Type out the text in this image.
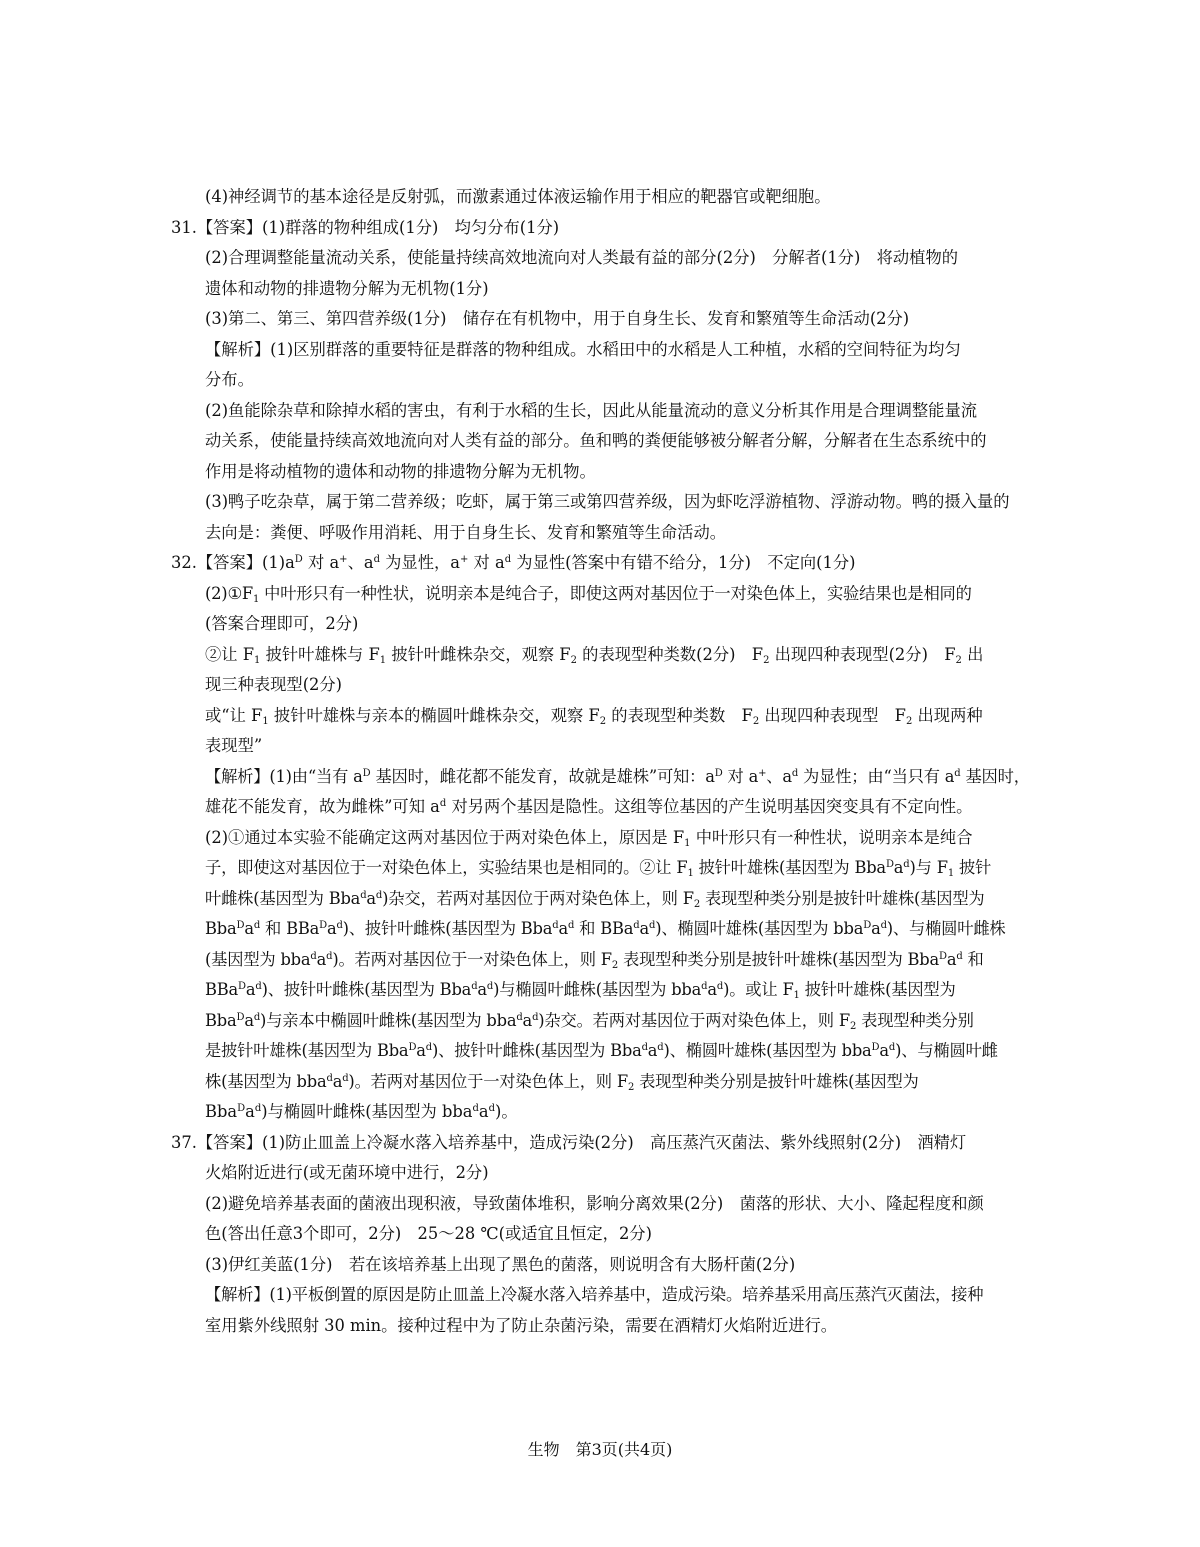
(4)神经调节的基本途径是反射弧，而激素通过体液运输作用于相应的靶器官或靶细胞。
31.【答案】(1)群落的物种组成(1分)　均匀分布(1分)
(2)合理调整能量流动关系，使能量持续高效地流向对人类最有益的部分(2分)　分解者(1分)　将动植物的
遗体和动物的排遗物分解为无机物(1分)
(3)第二、第三、第四营养级(1分)　储存在有机物中，用于自身生长、发育和繁殖等生命活动(2分)
【解析】(1)区别群落的重要特征是群落的物种组成。水稻田中的水稻是人工种植，水稻的空间特征为均匀
分布。
(2)鱼能除杂草和除掉水稻的害虫，有利于水稻的生长，因此从能量流动的意义分析其作用是合理调整能量流
动关系，使能量持续高效地流向对人类有益的部分。鱼和鸭的粪便能够被分解者分解，分解者在生态系统中的
作用是将动植物的遗体和动物的排遗物分解为无机物。
(3)鸭子吃杂草，属于第二营养级；吃虾，属于第三或第四营养级，因为虾吃浮游植物、浮游动物。鸭的摄入量的
去向是：粪便、呼吸作用消耗、用于自身生长、发育和繁殖等生命活动。
32.【答案】$(1)a^D$ 对 a+、$a^d$ 为显性，a+ 对 $a^d$ 为显性(答案中有错不给分，1分)　不定向(1分)
$(2)①F_1$ 中叶形只有一种性状，说明亲本是纯合子，即使这两对基因位于一对染色体上，实验结果也是相同的
(答案合理即可，2分)
②让 $F_1$ 披针叶雄株与 $F_1$ 披针叶雌株杂交，观察 $F_2$ 的表现型种类数(2分)　$F_2$ 出现四种表现型(2分)　$F_2$ 出
现三种表现型(2分)
或“让 $F_1$ 披针叶雄株与亲本的椭圆叶雌株杂交，观察 $F_2$ 的表现型种类数　$F_2$ 出现四种表现型　$F_2$ 出现两种
表现型”
【解析】(1)由“当有 $a^D$ 基因时，雌花都不能发育，故就是雄株”可知：$a^D$ 对 a+、$a^d$ 为显性；由“当只有 $a^d$ 基因时，
雄花不能发育，故为雌株”可知 $a^d$ 对另两个基因是隐性。这组等位基因的产生说明基因突变具有不定向性。
(2)①通过本实验不能确定这两对基因位于两对染色体上，原因是 $F_1$ 中叶形只有一种性状，说明亲本是纯合
子，即使这对基因位于一对染色体上，实验结果也是相同的。②让 $F_1$ 披针叶雄株(基因型为 $Bba^Da^d$)与 $F_1$ 披针
叶雌株(基因型为 $Bba^da^d$)杂交，若两对基因位于两对染色体上，则 $F_2$ 表现型种类分别是披针叶雄株(基因型为
$Bba^Da^d$ 和 $BBa^Da^d$)、披针叶雌株(基因型为 $Bba^da^d$ 和 $BBa^da^d$)、椭圆叶雄株(基因型为 $bba^Da^d$)、与椭圆叶雌株
(基因型为 $bba^da^d$)。若两对基因位于一对染色体上，则 $F_2$ 表现型种类分别是披针叶雄株(基因型为 $Bba^Da^d$ 和
$BBa^Da^d$)、披针叶雌株(基因型为 $Bba^da^d$)与椭圆叶雌株(基因型为 $bba^da^d$)。或让 $F_1$ 披针叶雄株(基因型为
$Bba^Da^d$)与亲本中椭圆叶雌株(基因型为 $bba^da^d$)杂交。若两对基因位于两对染色体上，则 $F_2$ 表现型种类分别
是披针叶雄株(基因型为 $Bba^Da^d$)、披针叶雌株(基因型为 $Bba^da^d$)、椭圆叶雄株(基因型为 $bba^Da^d$)、与椭圆叶雌
株(基因型为 $bba^da^d$)。若两对基因位于一对染色体上，则 $F_2$ 表现型种类分别是披针叶雄株(基因型为
$Bba^Da^d$)与椭圆叶雌株(基因型为 $bba^da^d$)。
37.【答案】(1)防止皿盖上冷凝水落入培养基中，造成污染(2分)　高压蒸汽灭菌法、紫外线照射(2分)　酒精灯
火焰附近进行(或无菌环境中进行，2分)
(2)避免培养基表面的菌液出现积液，导致菌体堆积，影响分离效果(2分)　菌落的形状、大小、隆起程度和颜
色(答出任意3个即可，2分)　25～28 ℃(或适宜且恒定，2分)
(3)伊红美蓝(1分)　若在该培养基上出现了黑色的菌落，则说明含有大肠杆菌(2分)
【解析】(1)平板倒置的原因是防止皿盖上冷凝水落入培养基中，造成污染。培养基采用高压蒸汽灭菌法，接种
室用紫外线照射 30 min。接种过程中为了防止杂菌污染，需要在酒精灯火焰附近进行。
生物　第3页(共4页)
